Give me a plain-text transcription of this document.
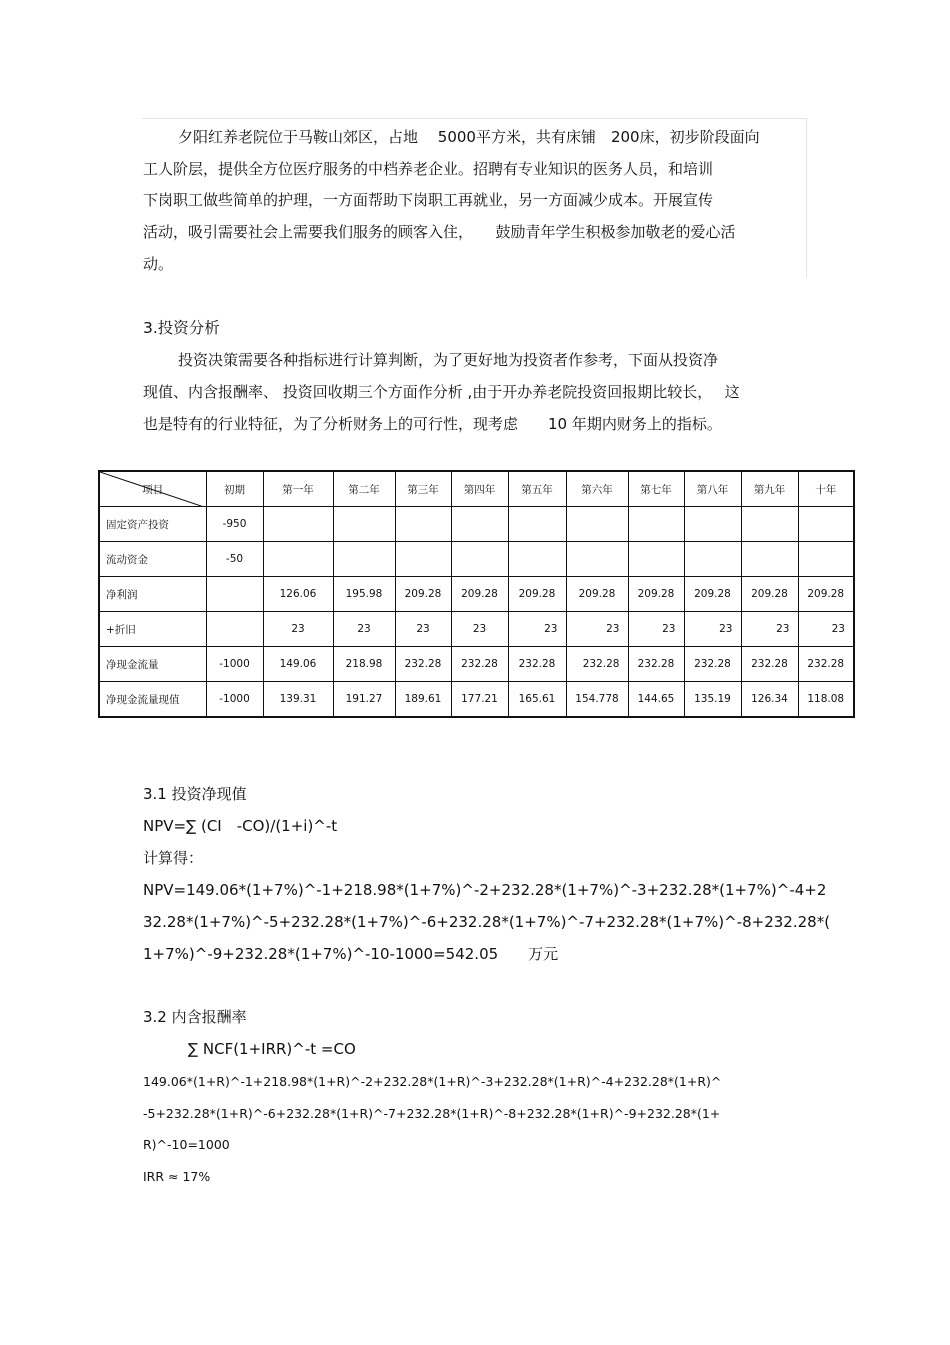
夕阳红养老院位于马鞍山郊区，占地　 5000平方米，共有床铺　200床，初步阶段面向
工人阶层，提供全方位医疗服务的中档养老企业。招聘有专业知识的医务人员，和培训
下岗职工做些简单的护理，一方面帮助下岗职工再就业，另一方面减少成本。开展宣传
活动，吸引需要社会上需要我们服务的顾客入住，　　鼓励青年学生积极参加敬老的爱心活
动。
3.投资分析
投资决策需要各种指标进行计算判断，为了更好地为投资者作参考，下面从投资净
现值、内含报酬率、 投资回收期三个方面作分析 ,由于开办养老院投资回报期比较长，　 这
也是特有的行业特征，为了分析财务上的可行性，现考虑　　10 年期内财务上的指标。
项目	初期	第一年	第二年	第三年	第四年	第五年	第六年	第七年	第八年	第九年	十年
固定资产投资	-950										
流动资金	-50										
净利润		126.06	195.98	209.28	209.28	209.28	209.28	209.28	209.28	209.28	209.28
+折旧		23	23	23	23	23	23	23	23	23	23
净现金流量	-1000	149.06	218.98	232.28	232.28	232.28	232.28	232.28	232.28	232.28	232.28
净现金流量现值	-1000	139.31	191.27	189.61	177.21	165.61	154.778	144.65	135.19	126.34	118.08
3.1 投资净现值
NPV=∑ (CI　-CO)/(1+i)^-t
计算得：
NPV=149.06*(1+7%)^-1+218.98*(1+7%)^-2+232.28*(1+7%)^-3+232.28*(1+7%)^-4+2
32.28*(1+7%)^-5+232.28*(1+7%)^-6+232.28*(1+7%)^-7+232.28*(1+7%)^-8+232.28*(
1+7%)^-9+232.28*(1+7%)^-10-1000=542.05　　万元
3.2 内含报酬率
∑ NCF(1+IRR)^-t =CO
149.06*(1+R)^-1+218.98*(1+R)^-2+232.28*(1+R)^-3+232.28*(1+R)^-4+232.28*(1+R)^
-5+232.28*(1+R)^-6+232.28*(1+R)^-7+232.28*(1+R)^-8+232.28*(1+R)^-9+232.28*(1+
R)^-10=1000
IRR ≈ 17%
